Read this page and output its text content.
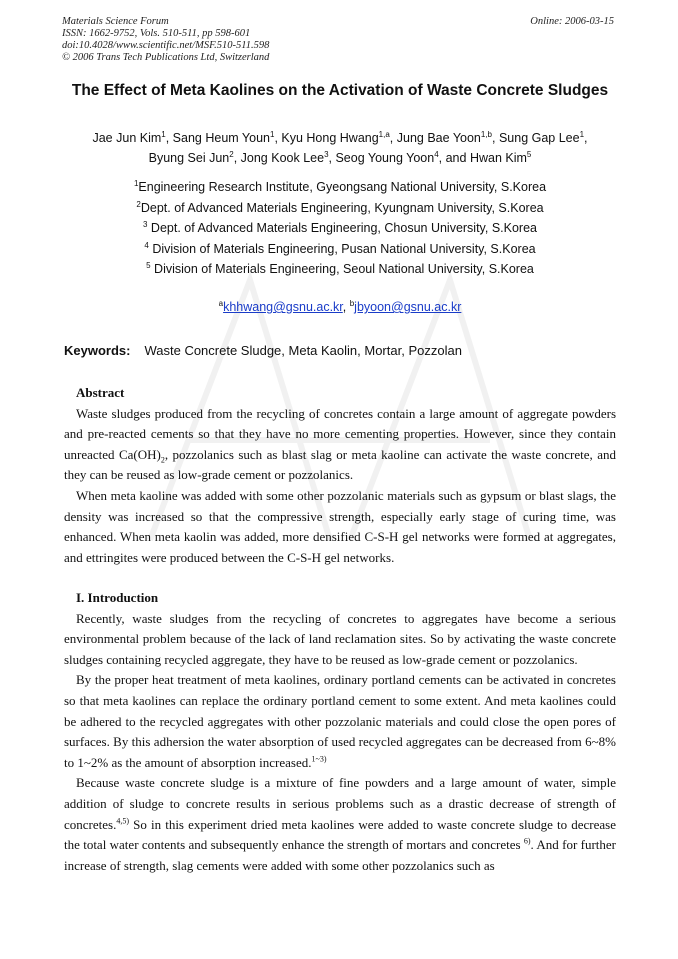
Materials Science Forum
ISSN: 1662-9752, Vols. 510-511, pp 598-601
doi:10.4028/www.scientific.net/MSF.510-511.598
© 2006 Trans Tech Publications Ltd, Switzerland
Online: 2006-03-15
The Effect of Meta Kaolines on the Activation of Waste Concrete Sludges
Jae Jun Kim$^1$, Sang Heum Youn$^1$, Kyu Hong Hwang$^{1,a}$, Jung Bae Yoon$^{1,b}$, Sung Gap Lee$^1$,
Byung Sei Jun$^2$, Jong Kook Lee$^3$, Seog Young Yoon$^4$, and Hwan Kim$^5$
$^1$Engineering Research Institute, Gyeongsang National University, S.Korea
$^2$Dept. of Advanced Materials Engineering, Kyungnam University, S.Korea
$^3$ Dept. of Advanced Materials Engineering, Chosun University, S.Korea
$^4$ Division of Materials Engineering, Pusan National University, S.Korea
$^5$ Division of Materials Engineering, Seoul National University, S.Korea
$^a$khhwang@gsnu.ac.kr, $^b$jbyoon@gsnu.ac.kr
Keywords: Waste Concrete Sludge, Meta Kaolin, Mortar, Pozzolan
Abstract

Waste sludges produced from the recycling of concretes contain a large amount of aggregate powders and pre-reacted cements so that they have no more cementing properties. However, since they contain unreacted $Ca(OH)_2$, pozzolanics such as blast slag or meta kaoline can activate the waste concrete, and they can be reused as low-grade cement or pozzolanics.

When meta kaoline was added with some other pozzolanic materials such as gypsum or blast slags, the density was increased so that the compressive strength, especially early stage of curing time, was enhanced. When meta kaolin was added, more densified C-S-H gel networks were formed at aggregates, and ettringites were produced between the C-S-H gel networks.

I. Introduction

Recently, waste sludges from the recycling of concretes to aggregates have become a serious environmental problem because of the lack of land reclamation sites. So by activating the waste concrete sludges containing recycled aggregate, they have to be reused as low-grade cement or pozzolanics.

By the proper heat treatment of meta kaolines, ordinary portland cements can be activated in concretes so that meta kaolines can replace the ordinary portland cement to some extent. And meta kaolines could be adhered to the recycled aggregates with other pozzolanic materials and could close the open pores of surfaces. By this adhersion the water absorption of used recycled aggregates can be decreased from 6~8% to 1~2% as the amount of absorption increased.$^{1\sim 3)}$

Because waste concrete sludge is a mixture of fine powders and a large amount of water, simple addition of sludge to concrete results in serious problems such as a drastic decrease of strength of concretes.$^{4,5)}$ So in this experiment dried meta kaolines were added to waste concrete sludge to decrease the total water contents and subsequently enhance the strength of mortars and concretes $^{6)}$. And for further increase of strength, slag cements were added with some other pozzolanics such as
